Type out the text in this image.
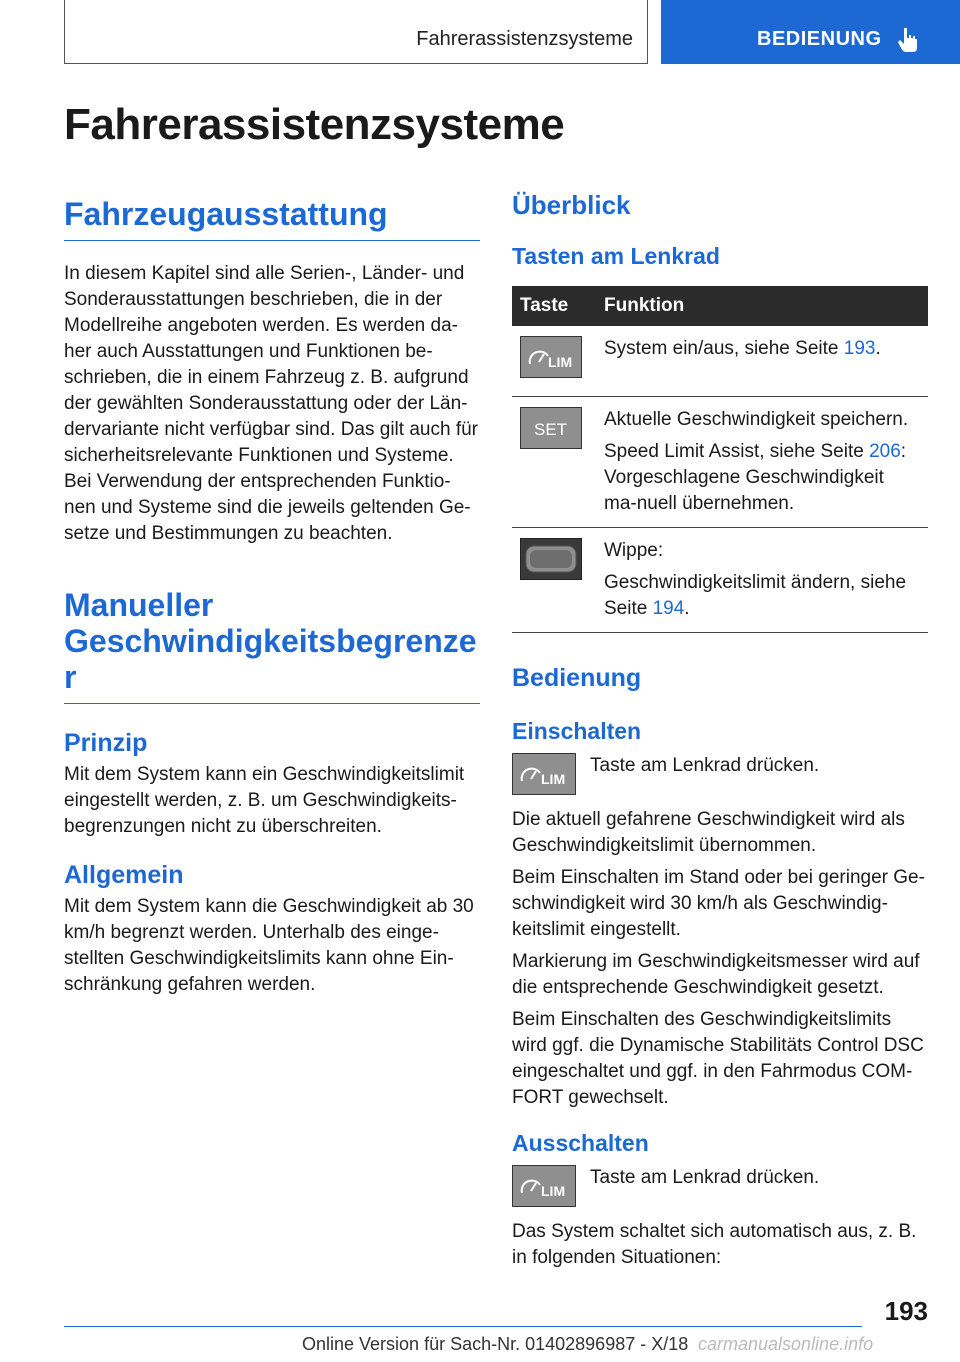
Fahrerassistenzsysteme	BEDIENUNG
Fahrerassistenzsysteme
Fahrzeugausstattung

In diesem Kapitel sind alle Serien-, Länder- und Sonderausstattungen beschrieben, die in der Modellreihe angeboten werden. Es werden da‐her auch Ausstattungen und Funktionen be‐schrieben, die in einem Fahrzeug z. B. aufgrund der gewählten Sonderausstattung oder der Län‐dervariante nicht verfügbar sind. Das gilt auch für sicherheitsrelevante Funktionen und Systeme. Bei Verwendung der entsprechenden Funktio‐nen und Systeme sind die jeweils geltenden Ge‐setze und Bestimmungen zu beachten.

Manueller Geschwindigkeitsbegrenze r
Prinzip

Mit dem System kann ein Geschwindigkeitslimit eingestellt werden, z. B. um Geschwindigkeits‐begrenzungen nicht zu überschreiten.

Allgemein

Mit dem System kann die Geschwindigkeit ab 30 km/h begrenzt werden. Unterhalb des einge‐stellten Geschwindigkeitslimits kann ohne Ein‐schränkung gefahren werden.

Überblick
Tasten am Lenkrad
Taste	Funktion

LIM	System ein/aus, siehe Seite 193.

SET	Aktuelle Geschwindigkeit speichern.
Speed Limit Assist, siehe Seite 206:
Vorgeschlagene Geschwindigkeit ma‐nuell übernehmen.

Wippe:
Geschwindigkeitslimit ändern, siehe Seite 194.
Bedienung
Einschalten
LIM

Taste am Lenkrad drücken.

Die aktuell gefahrene Geschwindigkeit wird als Geschwindigkeitslimit übernommen.

Beim Einschalten im Stand oder bei geringer Ge‐schwindigkeit wird 30 km/h als Geschwindig‐keitslimit eingestellt.

Markierung im Geschwindigkeitsmesser wird auf die entsprechende Geschwindigkeit gesetzt.

Beim Einschalten des Geschwindigkeitslimits wird ggf. die Dynamische Stabilitäts Control DSC eingeschaltet und ggf. in den Fahrmodus COM‐FORT gewechselt.

Ausschalten
LIM

Taste am Lenkrad drücken.

Das System schaltet sich automatisch aus, z. B. in folgenden Situationen:

193
Online Version für Sach-Nr. 01402896987 - X/18 carmanualsonline.info
